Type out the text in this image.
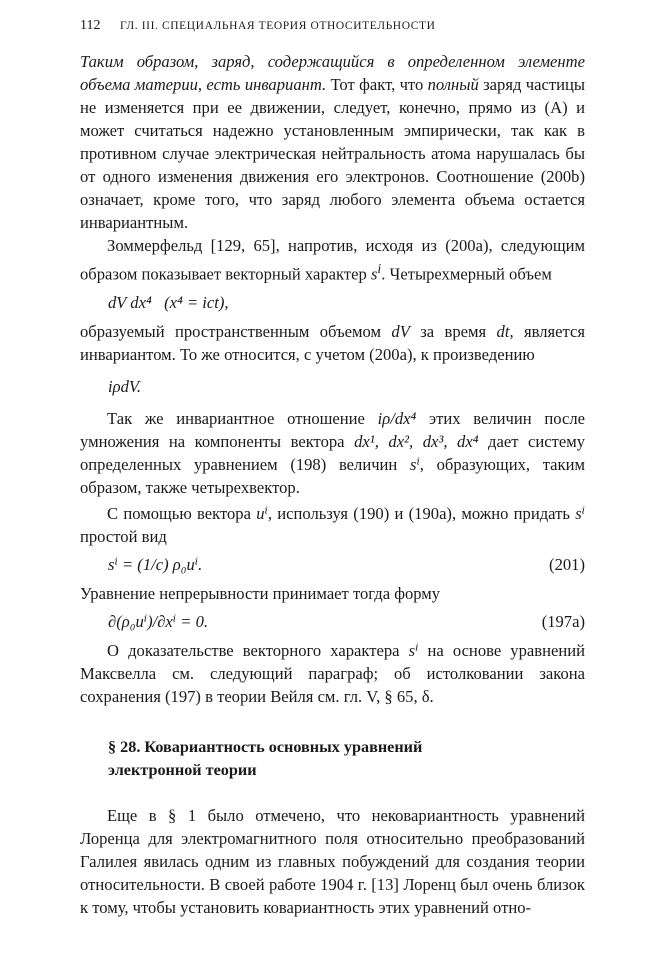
112	ГЛ. III. СПЕЦИАЛЬНАЯ ТЕОРИЯ ОТНОСИТЕЛЬНОСТИ

Таким образом, заряд, содержащийся в определенном элементе объема материи, есть инвариант. Тот факт, что полный заряд частицы не изменяется при ее движении, следует, конечно, прямо из (A) и может считаться надежно установленным эмпирически, так как в противном случае электрическая нейтральность атома нарушалась бы от одного изменения движения его электронов. Соотношение (200b) означает, кроме того, что заряд любого элемента объема остается инвариантным.

Зоммерфельд [129, 65], напротив, исходя из (200a), следующим образом показывает векторный характер $s^i$. Четырехмерный объем

dV dx⁴   (x⁴ = ict),

образуемый пространственным объемом dV за время dt, является инвариантом. То же относится, с учетом (200a), к произведению

iρdV.

Так же инвариантное отношение iρ/dx⁴ этих величин после умножения на компоненты вектора dx¹, dx², dx³, dx⁴ дает систему определенных уравнением (198) величин sⁱ, образующих, таким образом, также четырехвектор.

С помощью вектора uⁱ, используя (190) и (190a), можно придать sⁱ простой вид

sⁱ = (1/c) ρ₀uⁱ.	(201)

Уравнение непрерывности принимает тогда форму

∂(ρ₀uⁱ)/∂xⁱ = 0.	(197a)

О доказательстве векторного характера sⁱ на основе уравнений Максвелла см. следующий параграф; об истолковании закона сохранения (197) в теории Вейля см. гл. V, § 65, δ.

§ 28. Ковариантность основных уравнений
электронной теории

Еще в § 1 было отмечено, что нековариантность уравнений Лоренца для электромагнитного поля относительно преобразований Галилея явилась одним из главных побуждений для создания теории относительности. В своей работе 1904 г. [13] Лоренц был очень близок к тому, чтобы установить ковариантность этих уравнений отно-
